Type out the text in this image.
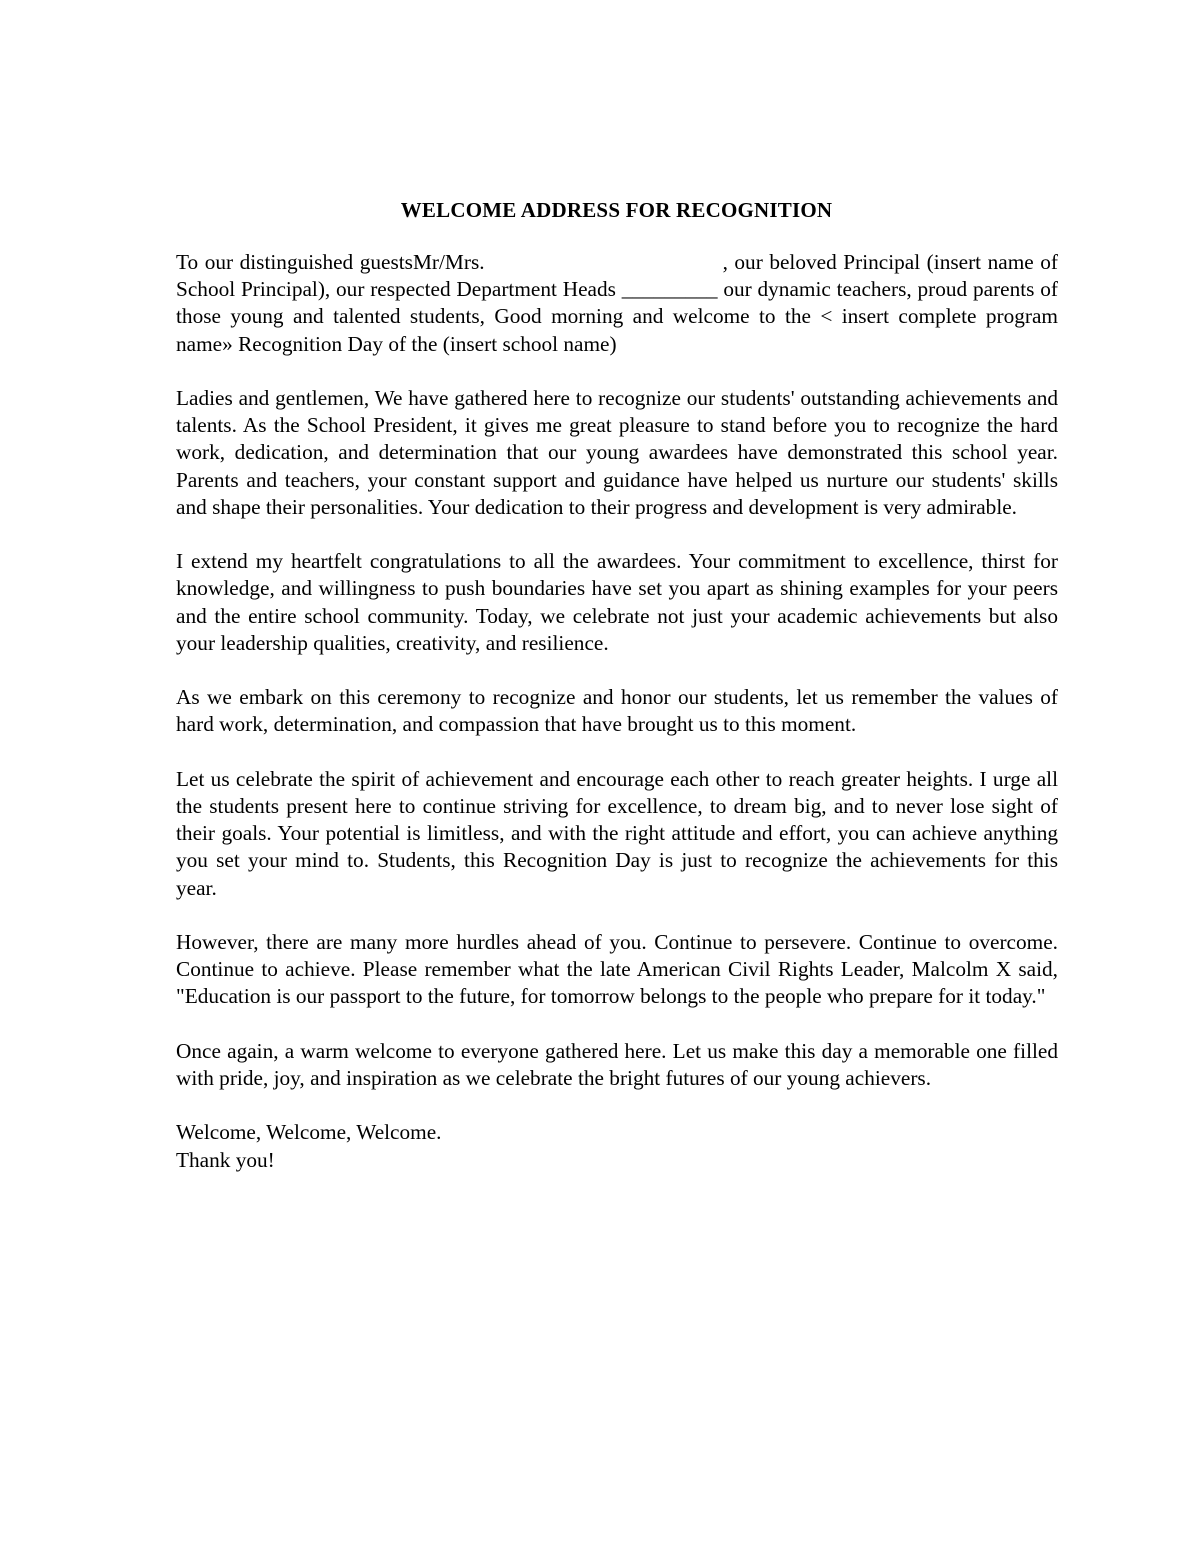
WELCOME ADDRESS FOR RECOGNITION

To our distinguished guestsMr/Mrs.	, our beloved Principal (insert name of School Principal), our respected Department Heads _________ our dynamic teachers, proud parents of those young and talented students, Good morning and welcome to the < insert complete program name» Recognition Day of the (insert school name)

Ladies and gentlemen, We have gathered here to recognize our students' outstanding achievements and talents. As the School President, it gives me great pleasure to stand before you to recognize the hard work, dedication, and determination that our young awardees have demonstrated this school year. Parents and teachers, your constant support and guidance have helped us nurture our students' skills and shape their personalities. Your dedication to their progress and development is very admirable.

I extend my heartfelt congratulations to all the awardees. Your commitment to excellence, thirst for knowledge, and willingness to push boundaries have set you apart as shining examples for your peers and the entire school community. Today, we celebrate not just your academic achievements but also your leadership qualities, creativity, and resilience.

As we embark on this ceremony to recognize and honor our students, let us remember the values of hard work, determination, and compassion that have brought us to this moment.

Let us celebrate the spirit of achievement and encourage each other to reach greater heights. I urge all the students present here to continue striving for excellence, to dream big, and to never lose sight of their goals. Your potential is limitless, and with the right attitude and effort, you can achieve anything you set your mind to. Students, this Recognition Day is just to recognize the achievements for this year.

However, there are many more hurdles ahead of you. Continue to persevere. Continue to overcome. Continue to achieve. Please remember what the late American Civil Rights Leader, Malcolm X said, "Education is our passport to the future, for tomorrow belongs to the people who prepare for it today."

Once again, a warm welcome to everyone gathered here. Let us make this day a memorable one filled with pride, joy, and inspiration as we celebrate the bright futures of our young achievers.

Welcome, Welcome, Welcome.
Thank you!
